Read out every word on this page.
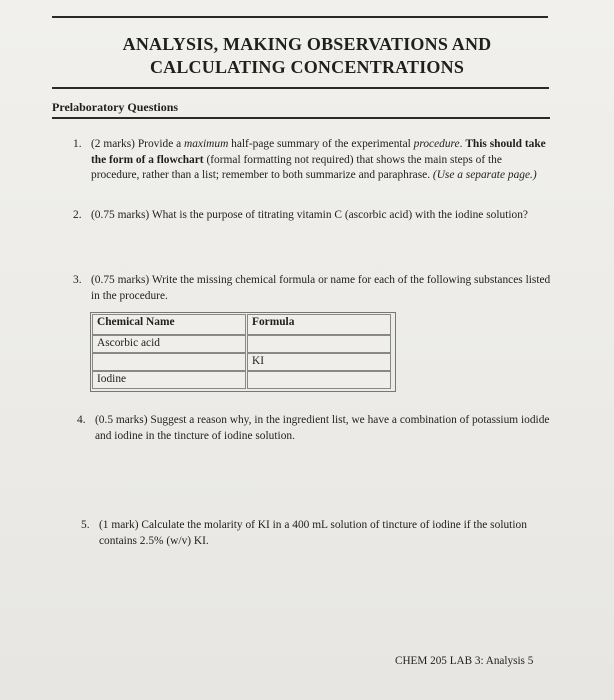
ANALYSIS, MAKING OBSERVATIONS AND
CALCULATING CONCENTRATIONS
Prelaboratory Questions
1. (2 marks) Provide a maximum half-page summary of the experimental procedure. This should take the form of a flowchart (formal formatting not required) that shows the main steps of the procedure, rather than a list; remember to both summarize and paraphrase. (Use a separate page.)
2. (0.75 marks) What is the purpose of titrating vitamin C (ascorbic acid) with the iodine solution?
3. (0.75 marks) Write the missing chemical formula or name for each of the following substances listed in the procedure.
Chemical Name	Formula
Ascorbic acid
KI
Iodine
4. (0.5 marks) Suggest a reason why, in the ingredient list, we have a combination of potassium iodide and iodine in the tincture of iodine solution.
5. (1 mark) Calculate the molarity of KI in a 400 mL solution of tincture of iodine if the solution contains 2.5% (w/v) KI.
CHEM 205 LAB 3: Analysis 5
